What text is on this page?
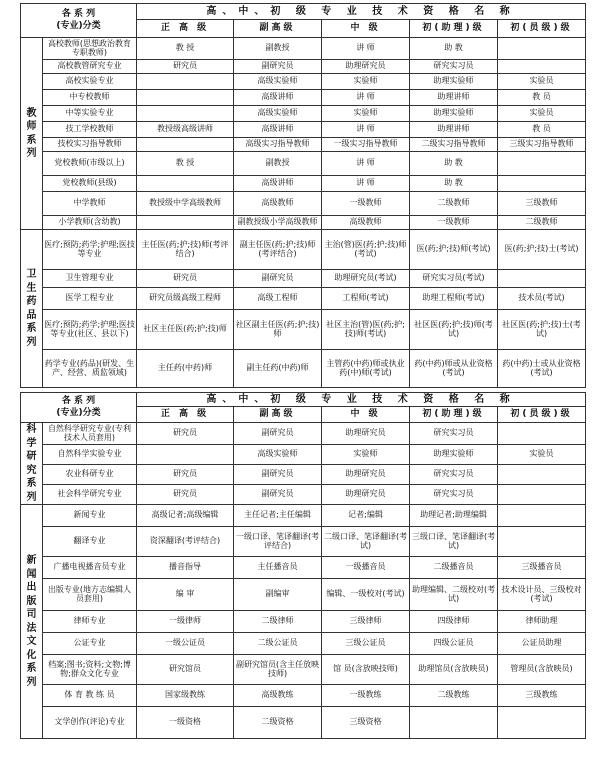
各 系 列
(专业)分类		高、中、初 级 专 业 技 术 资 格 名 称				
		正 高 级	副高级	中 级	初(助理)级	初(员级)级
教师系列	高校教师(思想政治教育专职教师)	教 授	副教授	讲 师	助 教	
	高校教管研究专业	研究员	副研究员	助理研究员	研究实习员	
	高校实验专业		高级实验师	实验师	助理实验师	实验员
	中专校教师		高级讲师	讲 师	助理讲师	教 员
	中等实验专业		高级实验师	实验师	助理实验师	实验员
	技工学校教师	教授级高级讲师	高级讲师	讲 师	助理讲师	教 员
	技校实习指导教师		高级实习指导教师	一级实习指导教师	二级实习指导教师	三级实习指导教师
	党校教师(市级以上)	教 授	副教授	讲 师	助 教	
	党校教师(县级)		高级讲师	讲 师	助 教	
	中学教师	教授级中学高级教师	高级教师	一级教师	二级教师	三级教师
	小学教师(含幼教)		副教授级小学高级教师	高级教师	一级教师	二级教师
卫生药品系列	医疗;预防;药学;护理;医技等专业	主任医(药;护;技)师(考评结合)	副主任医(药;护;技)师(考评结合)	主治(管)医(药;护;技)师(考试)	医(药;护;技)师(考试)	医(药;护;技)士(考试)
	卫生管理专业	研究员	副研究员	助理研究员(考试)	研究实习员(考试)	
	医学工程专业	研究员级高级工程师	高级工程师	工程师(考试)	助理工程师(考试)	技术员(考试)
	医疗;预防;药学;护理;医技等专业(社区、县以下)	社区主任医(药;护;技)师	社区副主任医(药;护;技)师	社区主治(管)医(药;护;技)师(考试)	社区医(药;护;技)师(考试)	社区医(药;护;技)士(考试)
	药学专业(药品)(研发、生产、经营、质监领域)	主任药(中药)师	副主任药(中药)师	主管药(中药)师或执业药(中)师(考试)	药(中药)师或从业资格(考试)	药(中药)士或从业资格(考试)
各 系 列
(专业)分类		高、中、初 级 专 业 技 术 资 格 名 称				
		正 高 级	副高级	中 级	初(助理)级	初(员级)级
科学研究系列	自然科学研究专业(专利技术人员套用)	研究员	副研究员	助理研究员	研究实习员	
	自然科学实验专业		高级实验师	实验师	助理实验师	实验员
	农业科研专业	研究员	副研究员	助理研究员	研究实习员	
	社会科学研究专业	研究员	副研究员	助理研究员	研究实习员	
新闻出版司法文化系列	新闻专业	高级记者;高级编辑	主任记者;主任编辑	记者;编辑	助理记者;助理编辑	
	翻译专业	资深翻译(考评结合)	一级口译、笔译翻译(考评结合)	二级口译、笔译翻译(考试)	三级口译、笔译翻译(考试)	
	广播电视播音员专业	播音指导	主任播音员	一级播音员	二级播音员	三级播音员
	出版专业(地方志编辑人员套用)	编 审	副编审	编辑、一级校对(考试)	助理编辑、二级校对(考试)	技术设计员、三级校对(考试)
	律师专业	一级律师	二级律师	三级律师	四级律师	律师助理
	公证专业	一级公证员	二级公证员	三级公证员	四级公证员	公证员助理
	档案;图书;资料;文物;博物;群众文化专业	研究馆员	副研究馆员(含主任放映技师)	馆 员(含放映技师)	助理馆员(含放映员)	管理员(含放映员)
	体 育 教 练 员	国家级教练	高级教练	一级教练	二级教练	三级教练
	文学创作(评论)专业	一级资格	二级资格	三级资格		
